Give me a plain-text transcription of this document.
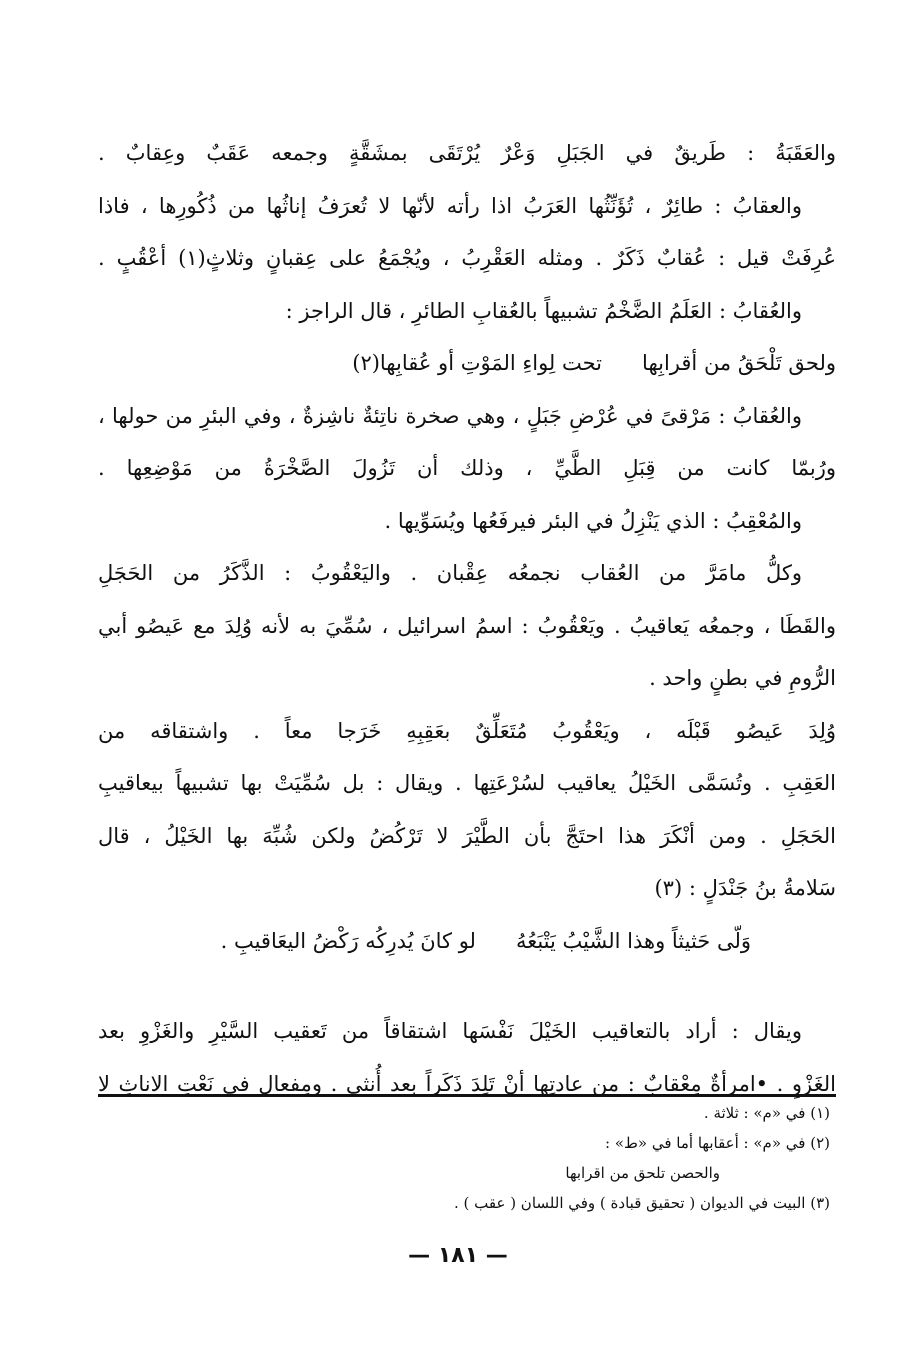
والعَقَبَةُ : طَريقٌ في الجَبَلِ وَعْرٌ يُرْتَقَى بمشَقَّةٍ وجمعه عَقَبٌ وعِقابٌ .
والعقابُ : طائِرٌ ، تُؤَنِّثُها العَرَبُ اذا رأته لأنّها لا تُعرَفُ إناثُها من ذُكُورِها ، فاذا
عُرِفَتْ قيل : عُقابٌ ذَكَرٌ . ومثله العَقْرِبُ ، ويُجْمَعُ على عِقبانٍ وثلاثٍ(١) أعْقُبٍ .
والعُقابُ : العَلَمُ الضَّخْمُ تشبيهاً بالعُقابِ الطائرِ ، قال الراجز :
ولحق تَلْحَقُ من أقرابِها
تحت لِواءِ المَوْتِ أو عُقابِها(٢)
والعُقابُ : مَرْقىً في عُرْضِ جَبَلٍ ، وهي صخرة ناتِئةٌ ناشِزةٌ ، وفي البئرِ من حولها ،
ورُبمّا كانت من قِبَلِ الطَّيِّ ، وذلك أن تَزُولَ الصَّخْرَةُ من مَوْضِعِها .
والمُعْقِبُ : الذي يَنْزِلُ في البئر فيرفَعُها ويُسَوِّيها .
وكلُّ مامَرَّ من العُقاب نجمعُه عِقْبان . واليَعْقُوبُ : الذَّكَرُ من الحَجَلِ
والقَطَا ، وجمعُه يَعاقيبُ . ويَعْقُوبُ : اسمُ اسرائيل ، سُمِّيَ به لأنه وُلِدَ مع عَيصُو أبي
الرُّومِ في بطنٍ واحد .
وُلِدَ عَيصُو قَبْلَه ، ويَعْقُوبُ مُتَعَلِّقٌ بعَقِبِهِ خَرَجا معاً . واشتقاقه من
العَقِبِ . وتُسَمَّى الخَيْلُ يعاقيب لسُرْعَتِها . ويقال : بل سُمِّيَتْ بها تشبيهاً بيعاقيبِ
الحَجَلِ . ومن أنْكَرَ هذا احتَجَّ بأن الطَّيْرَ لا تَرْكُضُ ولكن شُبِّهَ بها الخَيْلُ ، قال
سَلامةُ بنُ جَنْدَلٍ : (٣)
وَلّى حَثيثاً وهذا الشَّيْبُ يَتْبَعُهُ
لو كانَ يُدرِكُه رَكْضُ اليعَاقيبِ .
ويقال : أراد بالتعاقيب الخَيْلَ نَفْسَها اشتقاقاً من تَعقيب السَّيْرِ والغَزْوِ بعد
الغَزْوِ . •امرأةٌ مِعْقابٌ : من عادتِها أنْ تَلِدَ ذَكَراً بعد أُنثى . ومِفعال في نَعْتِ الاناثِ لا
(١) في «م» : ثلاثة .
(٢) في «م» : أعقابها أما في «ط» :
والحصن تلحق من اقرابها
(٣) البيت في الديوان ( تحقيق قبادة ) وفي اللسان ( عقب ) .
— ١٨١ —
